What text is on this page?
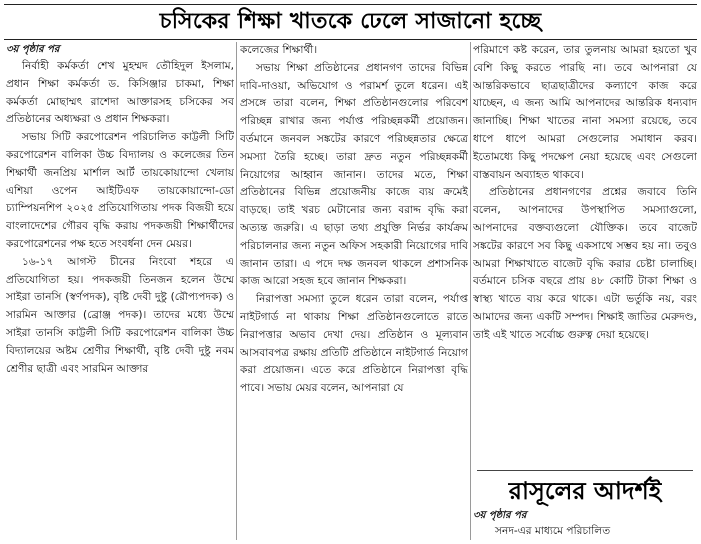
চসিকের শিক্ষা খাতকে ঢেলে সাজানো হচ্ছে

৩য় পৃষ্ঠার পর

নির্বাহী কর্মকর্তা শেখ মুহম্মদ তৌহিদুল ইসলাম, প্রধান শিক্ষা কর্মকর্তা ড. কিসিঞ্জার চাকমা, শিক্ষা কর্মকর্তা মোছাম্মৎ রাশেদা আক্তারসহ চসিকের সব প্রতিষ্ঠানের অধ্যক্ষরা ও প্রধান শিক্ষকরা।

সভায় সিটি করপোরেশন পরিচালিত কাট্টলী সিটি করপোরেশন বালিকা উচ্চ বিদ্যালয় ও কলেজের তিন শিক্ষার্থী জনপ্রিয় মার্শাল আর্ট তায়কোয়ান্দো খেলায় এশিয়া ওপেন আইটিএফ তায়কোয়ান্দো-ডো চ্যাম্পিয়নশিপ ২০২৫ প্রতিযোগিতায় পদক বিজয়ী হয়ে বাংলাদেশের গৌরব বৃদ্ধি করায় পদকজয়ী শিক্ষার্থীদের করপোরেশনের পক্ষ হতে সংবর্ধনা দেন মেয়র।

১৬-১৭ আগস্ট চীনের নিংবো শহরে এ প্রতিযোগিতা হয়। পদকজয়ী তিনজন হলেন উম্মে সাইরা তানসি (স্বর্ণপদক), বৃষ্টি দেবী দুষ্টু (রৌপ্যপদক) ও সারমিন আক্তার (ব্রোঞ্জ পদক)। তাদের মধ্যে উম্মে সাইরা তানসি কাট্টলী সিটি করপোরেশন বালিকা উচ্চ বিদ্যালয়ের অষ্টম শ্রেণীর শিক্ষার্থী, বৃষ্টি দেবী দুষ্টু নবম শ্রেণীর ছাত্রী এবং সারমিন আক্তার

কলেজের শিক্ষার্থী।

সভায় শিক্ষা প্রতিষ্ঠানের প্রধানগণ তাদের বিভিন্ন দাবি-দাওয়া, অভিযোগ ও পরামর্শ তুলে ধরেন। এই প্রসঙ্গে তারা বলেন, শিক্ষা প্রতিষ্ঠানগুলোর পরিবেশ পরিচ্ছন্ন রাখার জন্য পর্যাপ্ত পরিচ্ছন্নকর্মী প্রয়োজন। বর্তমানে জনবল সঙ্কটের কারণে পরিচ্ছন্নতার ক্ষেত্রে সমস্যা তৈরি হচ্ছে। তারা দ্রুত নতুন পরিচ্ছন্নকর্মী নিয়োগের আহ্বান জানান। তাদের মতে, শিক্ষা প্রতিষ্ঠানের বিভিন্ন প্রয়োজনীয় কাজে ব্যয় ক্রমেই বাড়ছে। তাই খরচ মেটানোর জন্য বরাদ্দ বৃদ্ধি করা অত্যন্ত জরুরি। এ ছাড়া তথ্য প্রযুক্তি নির্ভর কার্যক্রম পরিচালনার জন্য নতুন অফিস সহকারী নিয়োগের দাবি জানান তারা। এ পদে দক্ষ জনবল থাকলে প্রশাসনিক কাজ আরো সহজ হবে জানান শিক্ষকরা।

নিরাপত্তা সমস্যা তুলে ধরেন তারা বলেন, পর্যাপ্ত নাইটগার্ড না থাকায় শিক্ষা প্রতিষ্ঠানগুলোতে রাতে নিরাপত্তার অভাব দেখা দেয়। প্রতিষ্ঠান ও মূল্যবান আসবাবপত্র রক্ষায় প্রতিটি প্রতিষ্ঠানে নাইটগার্ড নিয়োগ করা প্রয়োজন। এতে করে প্রতিষ্ঠানে নিরাপত্তা বৃদ্ধি পাবে। সভায় মেয়র বলেন, আপনারা যে

পরিমাণে কষ্ট করেন, তার তুলনায় আমরা হয়তো খুব বেশি কিছু করতে পারছি না। তবে আপনারা যে আন্তরিকভাবে ছাত্রছাত্রীদের কল্যাণে কাজ করে যাচ্ছেন, এ জন্য আমি আপনাদের আন্তরিক ধন্যবাদ জানাচ্ছি। শিক্ষা খাতের নানা সমস্যা রয়েছে, তবে ধাপে ধাপে আমরা সেগুলোর সমাধান করব। ইতোমধ্যে কিছু পদক্ষেপ নেয়া হয়েছে এবং সেগুলো বাস্তবায়ন অব্যাহত থাকবে।

প্রতিষ্ঠানের প্রধানগণের প্রশ্নের জবাবে তিনি বলেন, আপনাদের উপস্থাপিত সমস্যাগুলো, আপনাদের বক্তব্যগুলো যৌক্তিক। তবে বাজেট সঙ্কটের কারণে সব কিছু একসাথে সম্ভব হয় না। তবুও আমরা শিক্ষাখাতে বাজেট বৃদ্ধি করার চেষ্টা চালাচ্ছি। বর্তমানে চসিক বছরে প্রায় ৪৮ কোটি টাকা শিক্ষা ও স্বাস্থ্য খাতে ব্যয় করে থাকে। এটা ভর্তুকি নয়, বরং আমাদের জন্য একটি সম্পদ। শিক্ষাই জাতির মেরুদণ্ড, তাই এই খাতে সর্বোচ্চ গুরুত্ব দেয়া হয়েছে।

রাসূলের আদর্শই
৩য় পৃষ্ঠার পর
সনদ-এর মাধ্যমে পরিচালিত
